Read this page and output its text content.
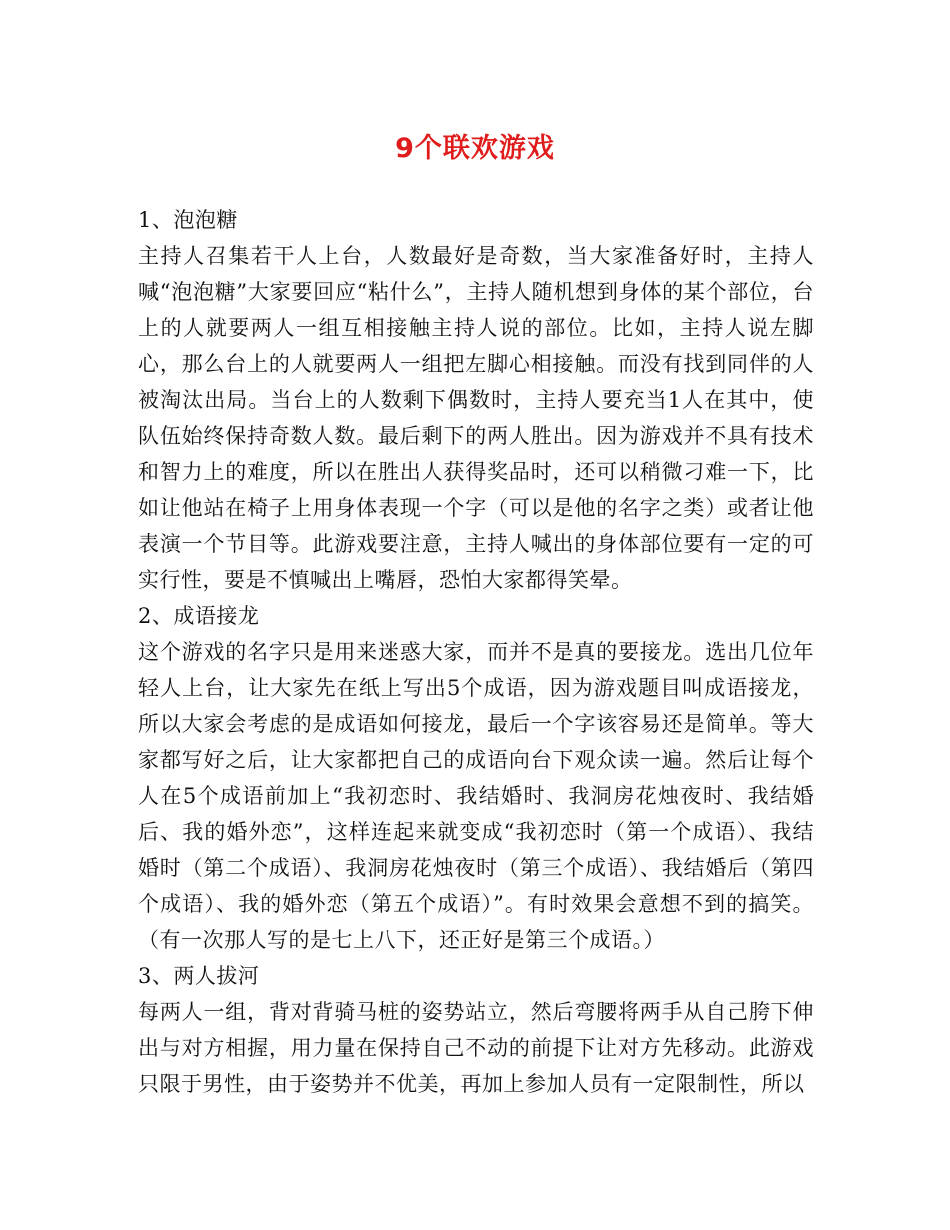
9个联欢游戏

1、泡泡糖

主持人召集若干人上台，人数最好是奇数，当大家准备好时，主持人喊“泡泡糖”大家要回应“粘什么”，主持人随机想到身体的某个部位，台上的人就要两人一组互相接触主持人说的部位。比如，主持人说左脚心，那么台上的人就要两人一组把左脚心相接触。而没有找到同伴的人被淘汰出局。当台上的人数剩下偶数时，主持人要充当1人在其中，使队伍始终保持奇数人数。最后剩下的两人胜出。因为游戏并不具有技术和智力上的难度，所以在胜出人获得奖品时，还可以稍微刁难一下，比如让他站在椅子上用身体表现一个字（可以是他的名字之类）或者让他表演一个节目等。此游戏要注意，主持人喊出的身体部位要有一定的可实行性，要是不慎喊出上嘴唇，恐怕大家都得笑晕。

2、成语接龙

这个游戏的名字只是用来迷惑大家，而并不是真的要接龙。选出几位年轻人上台，让大家先在纸上写出5个成语，因为游戏题目叫成语接龙，所以大家会考虑的是成语如何接龙，最后一个字该容易还是简单。等大家都写好之后，让大家都把自己的成语向台下观众读一遍。然后让每个人在5个成语前加上“我初恋时、我结婚时、我洞房花烛夜时、我结婚后、我的婚外恋”，这样连起来就变成“我初恋时（第一个成语）、我结婚时（第二个成语）、我洞房花烛夜时（第三个成语）、我结婚后（第四个成语）、我的婚外恋（第五个成语）”。有时效果会意想不到的搞笑。（有一次那人写的是七上八下，还正好是第三个成语。）

3、两人拔河

每两人一组，背对背骑马桩的姿势站立，然后弯腰将两手从自己胯下伸出与对方相握，用力量在保持自己不动的前提下让对方先移动。此游戏只限于男性，由于姿势并不优美，再加上参加人员有一定限制性，所以
